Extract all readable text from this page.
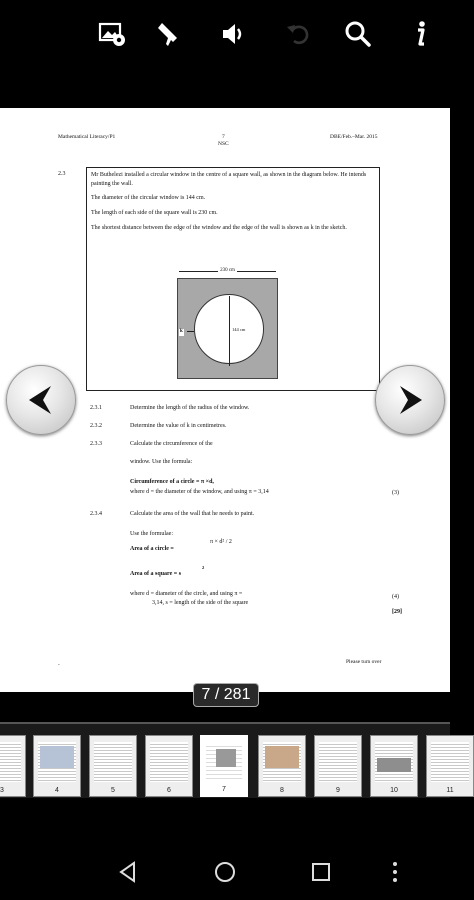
Mathematical Literacy/P1	7
NSC
DBE/Feb.–Mar. 2015
2.3	Mr Buthelezi installed a circular window in the centre of a square wall, as shown in the diagram below. He intends painting the wall.

The diameter of the circular window is 144 cm.

The length of each side of the square wall is 230 cm.

The shortest distance between the edge of the window and the edge of the wall is shown as k in the sketch.

230 cm
144 cm
k
2.3.1	Determine the length of the radius of the window.
2.3.2	Determine the value of k in centimetres.
2.3.3	Calculate the circumference of the
window. Use the formula:
Circumference of a circle = π ×d,
where d = the diameter of the window, and using π = 3,14	(3)
2.3.4	Calculate the area of the wall that he needs to paint.
Use the formulae:
Area of a circle =
π × d² / 2
Area of a square = s
2
where d = diameter of the circle, and using π =
3,14, s = length of the side of the square
(4)
[29]
-
Please turn over
7 / 281
3	4	5	6	7	8	9	10	11
